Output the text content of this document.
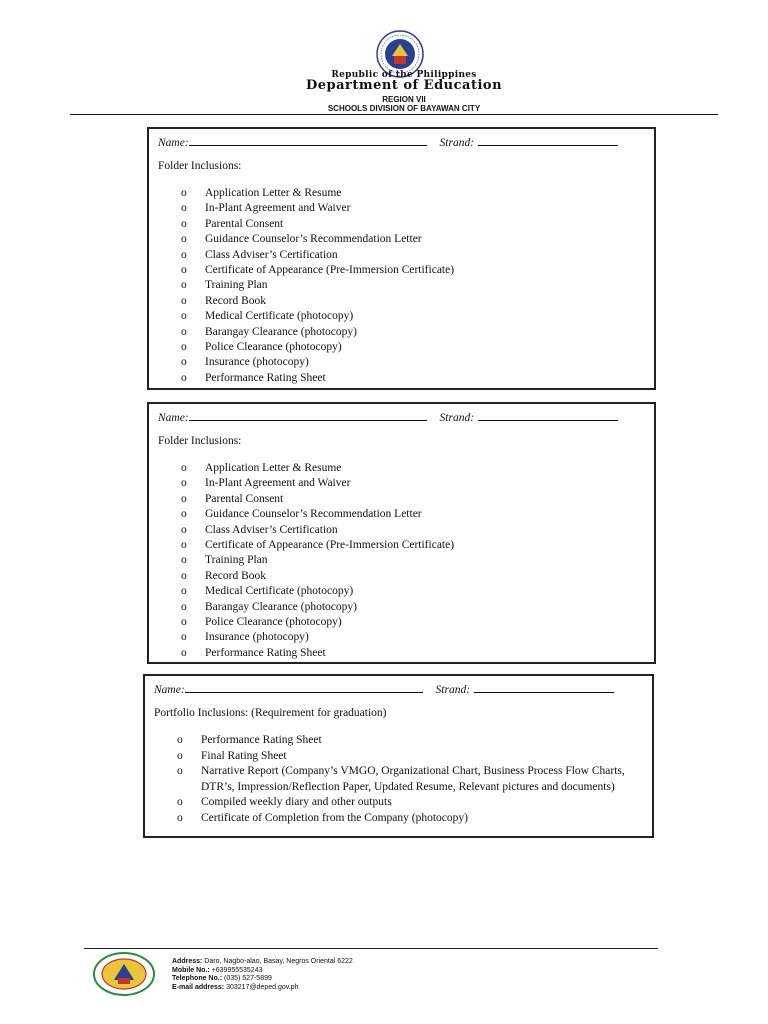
Republic of the Philippines
Department of Education
REGION VII
SCHOOLS DIVISION OF BAYAWAN CITY
Name:	Strand:
Folder Inclusions:
o Application Letter & Resume
o In-Plant Agreement and Waiver
o Parental Consent
o Guidance Counselor’s Recommendation Letter
o Class Adviser’s Certification
o Certificate of Appearance (Pre-Immersion Certificate)
o Training Plan
o Record Book
o Medical Certificate (photocopy)
o Barangay Clearance (photocopy)
o Police Clearance (photocopy)
o Insurance (photocopy)
o Performance Rating Sheet
Name:	Strand:
Folder Inclusions:
o Application Letter & Resume
o In-Plant Agreement and Waiver
o Parental Consent
o Guidance Counselor’s Recommendation Letter
o Class Adviser’s Certification
o Certificate of Appearance (Pre-Immersion Certificate)
o Training Plan
o Record Book
o Medical Certificate (photocopy)
o Barangay Clearance (photocopy)
o Police Clearance (photocopy)
o Insurance (photocopy)
o Performance Rating Sheet
Name:	Strand:
Portfolio Inclusions: (Requirement for graduation)
o Performance Rating Sheet
o Final Rating Sheet
o Narrative Report (Company’s VMGO, Organizational Chart, Business Process Flow Charts, DTR’s, Impression/Reflection Paper, Updated Resume, Relevant pictures and documents)
o Compiled weekly diary and other outputs
o Certificate of Completion from the Company (photocopy)
Address: Daro, Nagbo-alao, Basay, Negros Oriental 6222
Mobile No.: +639955535243
Telephone No.: (035) 527-5899
E-mail address: 303217@deped.gov.ph
